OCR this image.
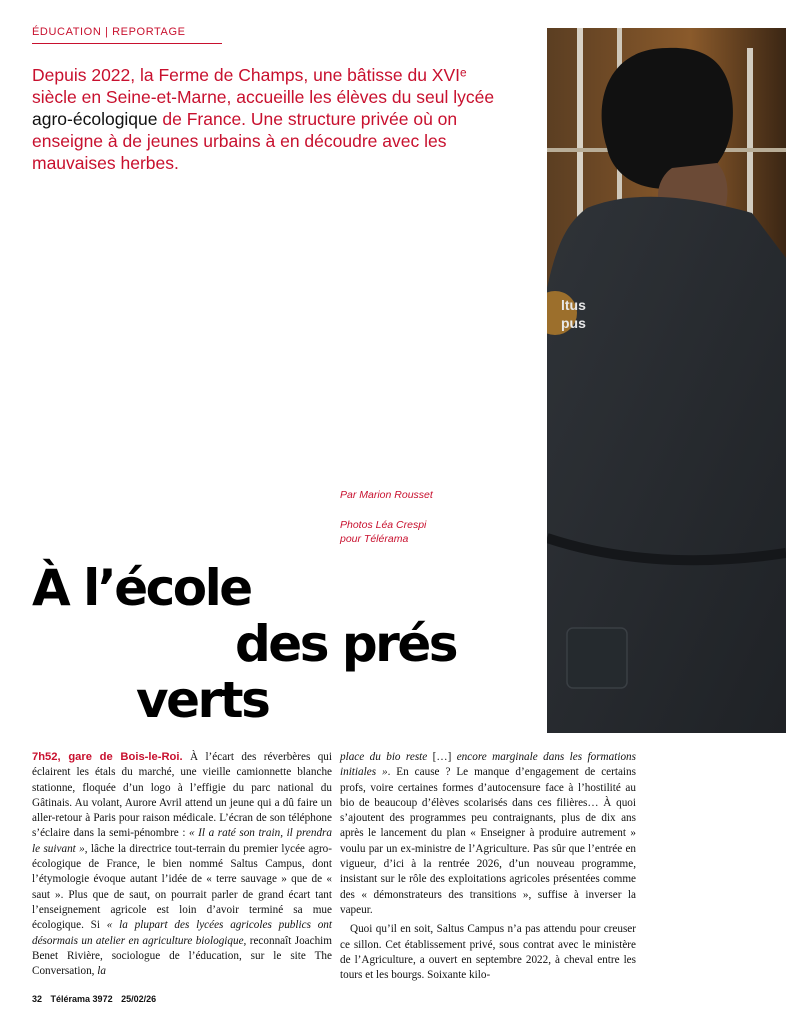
ÉDUCATION | REPORTAGE
Depuis 2022, la Ferme de Champs, une bâtisse du XVIᵉ siècle en Seine-et-Marne, accueille les élèves du seul lycée agro-écologique de France. Une structure privée où on enseigne à de jeunes urbains à en découdre avec les mauvaises herbes.
ltus
pus

Par Marion Rousset

Photos Léa Crespi pour Télérama

À l’école
des prés
verts

7h52, gare de Bois-le-Roi. À l’écart des réverbères qui éclairent les étals du marché, une vieille camionnette blanche stationne, floquée d’un logo à l’effigie du parc national du Gâtinais. Au volant, Aurore Avril attend un jeune qui a dû faire un aller-retour à Paris pour raison médicale. L’écran de son téléphone s’éclaire dans la semi-pénombre : « Il a raté son train, il prendra le suivant », lâche la directrice tout-terrain du premier lycée agro-écologique de France, le bien nommé Saltus Campus, dont l’étymologie évoque autant l’idée de « terre sauvage » que de « saut ». Plus que de saut, on pourrait parler de grand écart tant l’enseignement agricole est loin d’avoir terminé sa mue écologique. Si « la plupart des lycées agricoles publics ont désormais un atelier en agriculture biologique, reconnaît Joachim Benet Rivière, sociologue de l’éducation, sur le site The Conversation, la

place du bio reste […] encore marginale dans les formations initiales ». En cause ? Le manque d’engagement de certains profs, voire certaines formes d’autocensure face à l’hostilité au bio de beaucoup d’élèves scolarisés dans ces filières… À quoi s’ajoutent des programmes peu contraignants, plus de dix ans après le lancement du plan « Enseigner à produire autrement » voulu par un ex-ministre de l’Agriculture. Pas sûr que l’entrée en vigueur, d’ici à la rentrée 2026, d’un nouveau programme, insistant sur le rôle des exploitations agricoles présentées comme des « démonstrateurs des transitions », suffise à inverser la vapeur.

Quoi qu’il en soit, Saltus Campus n’a pas attendu pour creuser ce sillon. Cet établissement privé, sous contrat avec le ministère de l’Agriculture, a ouvert en septembre 2022, à cheval entre les tours et les bourgs. Soixante kilo-

32 Télérama 3972 25/02/26
